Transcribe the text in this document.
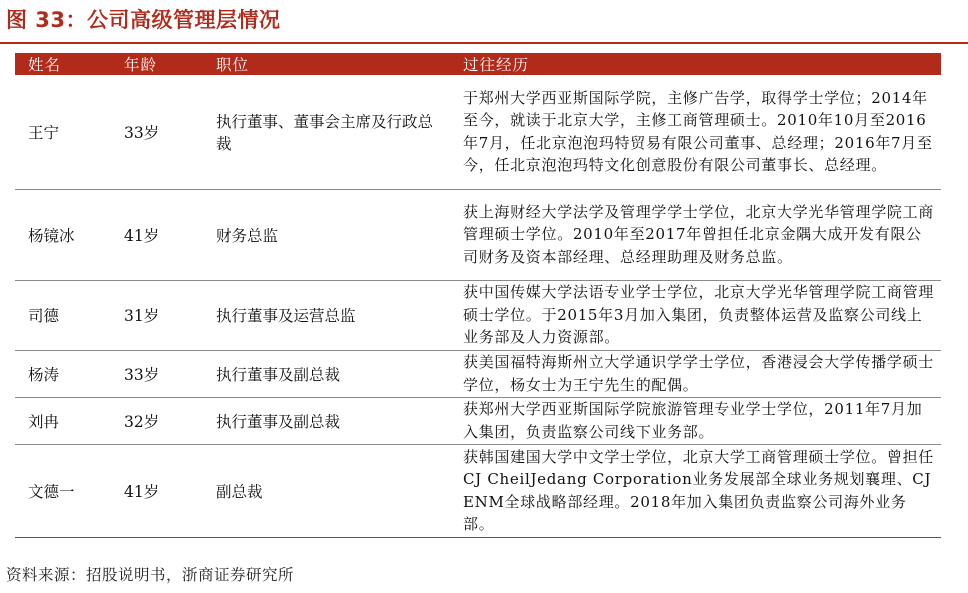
图 33：公司高级管理层情况
姓名	年龄	职位	过往经历
王宁	33岁	执行董事、董事会主席及行政总裁	于郑州大学西亚斯国际学院，主修广告学，取得学士学位；2014年至今，就读于北京大学，主修工商管理硕士。2010年10月至2016年7月，任北京泡泡玛特贸易有限公司董事、总经理；2016年7月至今，任北京泡泡玛特文化创意股份有限公司董事长、总经理。
杨镜冰	41岁	财务总监	获上海财经大学法学及管理学学士学位，北京大学光华管理学院工商管理硕士学位。2010年至2017年曾担任北京金隅大成开发有限公司财务及资本部经理、总经理助理及财务总监。
司德	31岁	执行董事及运营总监	获中国传媒大学法语专业学士学位，北京大学光华管理学院工商管理硕士学位。于2015年3月加入集团，负责整体运营及监察公司线上业务部及人力资源部。
杨涛	33岁	执行董事及副总裁	获美国福特海斯州立大学通识学学士学位，香港浸会大学传播学硕士学位，杨女士为王宁先生的配偶。
刘冉	32岁	执行董事及副总裁	获郑州大学西亚斯国际学院旅游管理专业学士学位，2011年7月加入集团，负责监察公司线下业务部。
文德一	41岁	副总裁	获韩国建国大学中文学士学位，北京大学工商管理硕士学位。曾担任CJ CheilJedang Corporation业务发展部全球业务规划襄理、CJ ENM全球战略部经理。2018年加入集团负责监察公司海外业务部。
资料来源：招股说明书，浙商证券研究所
